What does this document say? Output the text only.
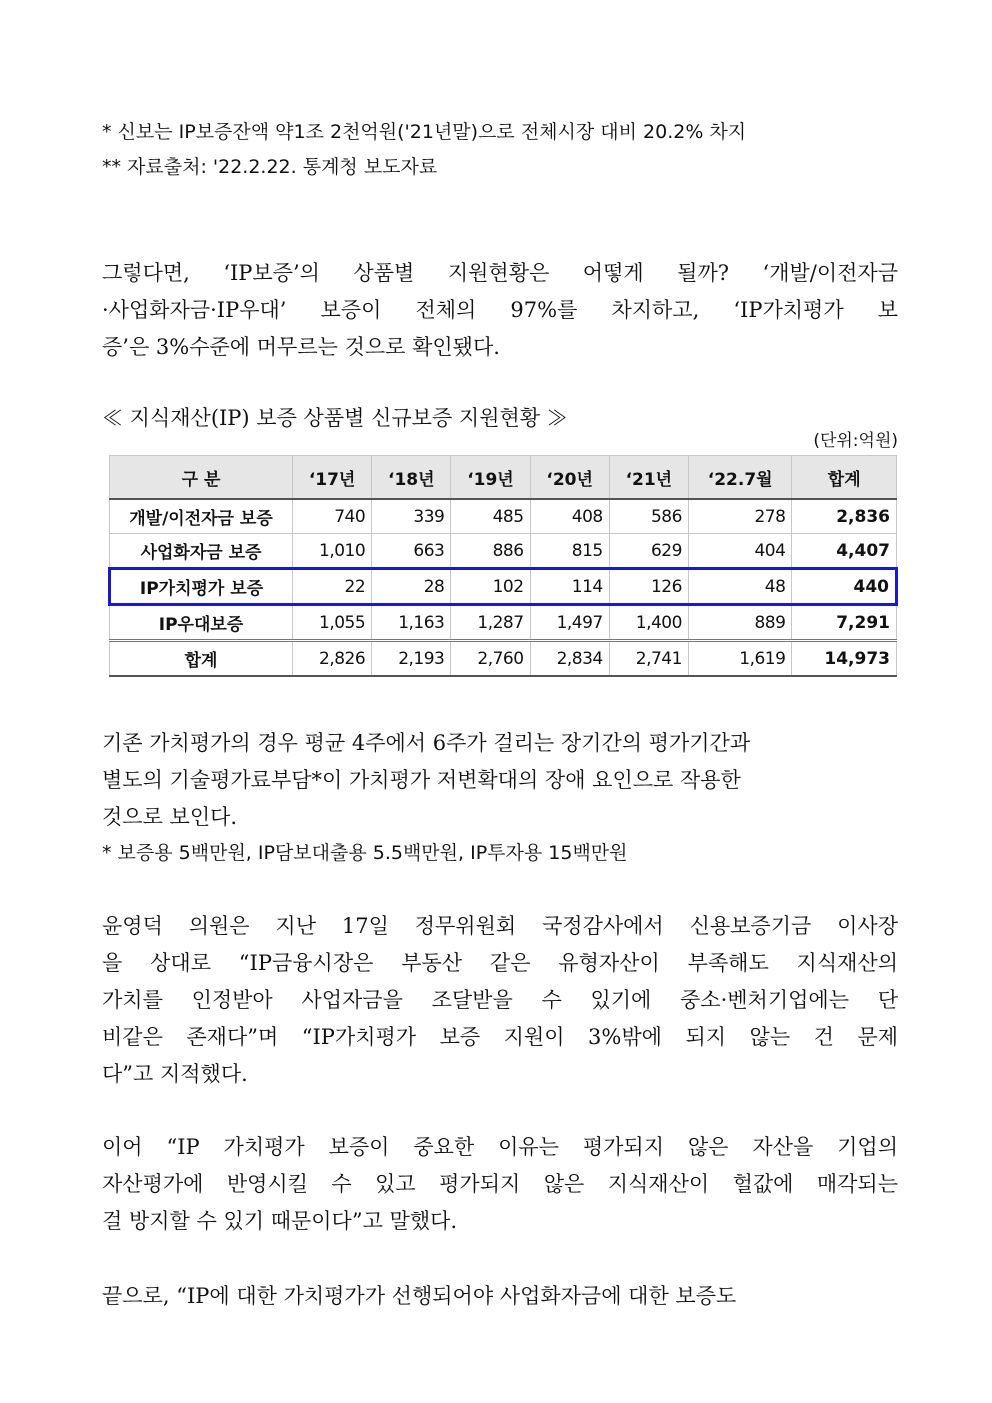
* 신보는 IP보증잔액 약1조 2천억원('21년말)으로 전체시장 대비 20.2% 차지
** 자료출처: '22.2.22. 통계청 보도자료
그렇다면, ‘IP보증’의 상품별 지원현황은 어떻게 될까? ‘개발/이전자금
·사업화자금·IP우대’ 보증이 전체의 97%를 차지하고, ‘IP가치평가 보
증’은 3%수준에 머무르는 것으로 확인됐다.
≪ 지식재산(IP) 보증 상품별 신규보증 지원현황 ≫
(단위:억원)
구 분	‘17년	‘18년	‘19년	‘20년	‘21년	‘22.7월	합계
개발/이전자금 보증	740	339	485	408	586	278	2,836
사업화자금 보증	1,010	663	886	815	629	404	4,407
IP가치평가 보증	22	28	102	114	126	48	440
IP우대보증	1,055	1,163	1,287	1,497	1,400	889	7,291
합계	2,826	2,193	2,760	2,834	2,741	1,619	14,973
기존 가치평가의 경우 평균 4주에서 6주가 걸리는 장기간의 평가기간과
별도의 기술평가료부담*이 가치평가 저변확대의 장애 요인으로 작용한
것으로 보인다.
* 보증용 5백만원, IP담보대출용 5.5백만원, IP투자용 15백만원
윤영덕 의원은 지난 17일 정무위원회 국정감사에서 신용보증기금 이사장
을 상대로 “IP금융시장은 부동산 같은 유형자산이 부족해도 지식재산의
가치를 인정받아 사업자금을 조달받을 수 있기에 중소·벤처기업에는 단
비같은 존재다”며 “IP가치평가 보증 지원이 3%밖에 되지 않는 건 문제
다”고 지적했다.
이어 “IP 가치평가 보증이 중요한 이유는 평가되지 않은 자산을 기업의
자산평가에 반영시킬 수 있고 평가되지 않은 지식재산이 헐값에 매각되는
걸 방지할 수 있기 때문이다”고 말했다.
끝으로, “IP에 대한 가치평가가 선행되어야 사업화자금에 대한 보증도
